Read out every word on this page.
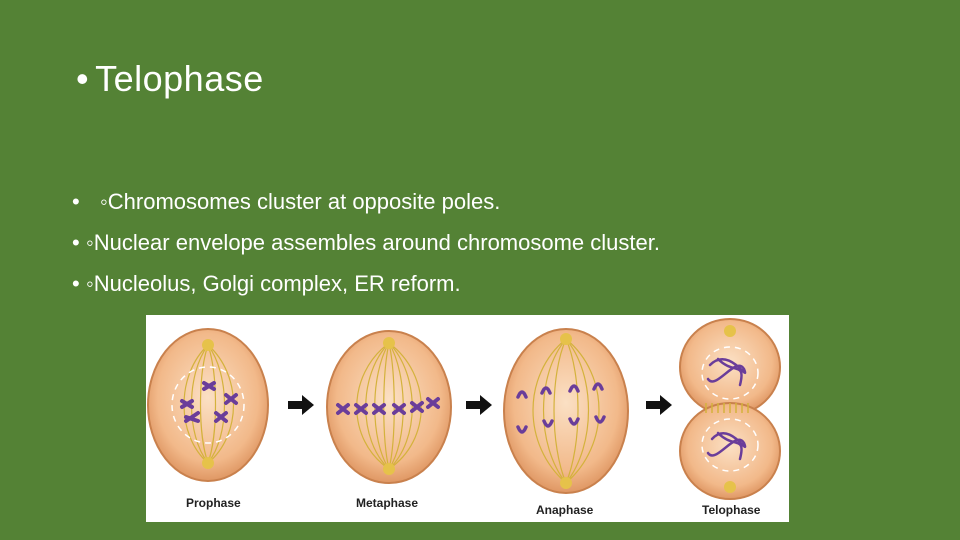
• Telophase
• ◦Chromosomes cluster at opposite poles.
• ◦Nuclear envelope assembles around chromosome cluster.
• ◦Nucleolus, Golgi complex, ER reform.
Prophase	Metaphase	Anaphase	Telophase
